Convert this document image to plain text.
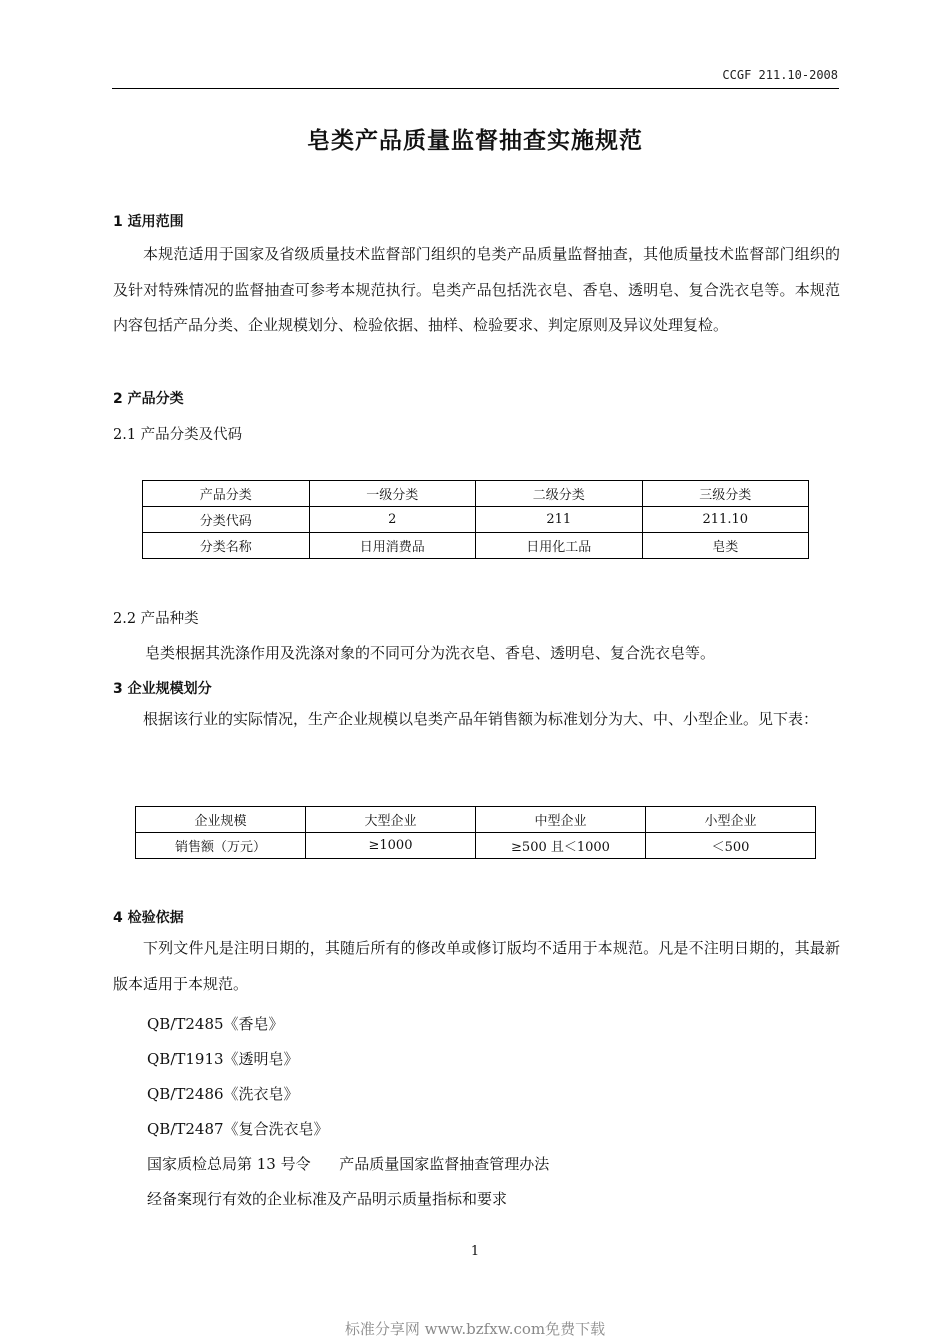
CCGF 211.10-2008
皂类产品质量监督抽查实施规范
1 适用范围

本规范适用于国家及省级质量技术监督部门组织的皂类产品质量监督抽查，其他质量技术监督部门组织的及针对特殊情况的监督抽查可参考本规范执行。皂类产品包括洗衣皂、香皂、透明皂、复合洗衣皂等。本规范内容包括产品分类、企业规模划分、检验依据、抽样、检验要求、判定原则及异议处理复检。

2 产品分类
2.1 产品分类及代码
产品分类	一级分类	二级分类	三级分类
分类代码	2	211	211.10
分类名称	日用消费品	日用化工品	皂类
2.2 产品种类
皂类根据其洗涤作用及洗涤对象的不同可分为洗衣皂、香皂、透明皂、复合洗衣皂等。
3 企业规模划分

根据该行业的实际情况，生产企业规模以皂类产品年销售额为标准划分为大、中、小型企业。见下表：

企业规模	大型企业	中型企业	小型企业
销售额（万元）	≥1000	≥500 且＜1000	＜500
4 检验依据

下列文件凡是注明日期的，其随后所有的修改单或修订版均不适用于本规范。凡是不注明日期的，其最新版本适用于本规范。

QB/T2485《香皂》
QB/T1913《透明皂》
QB/T2486《洗衣皂》
QB/T2487《复合洗衣皂》
国家质检总局第 13 号令      产品质量国家监督抽查管理办法
经备案现行有效的企业标准及产品明示质量指标和要求
1
标准分享网 www.bzfxw.com免费下载
